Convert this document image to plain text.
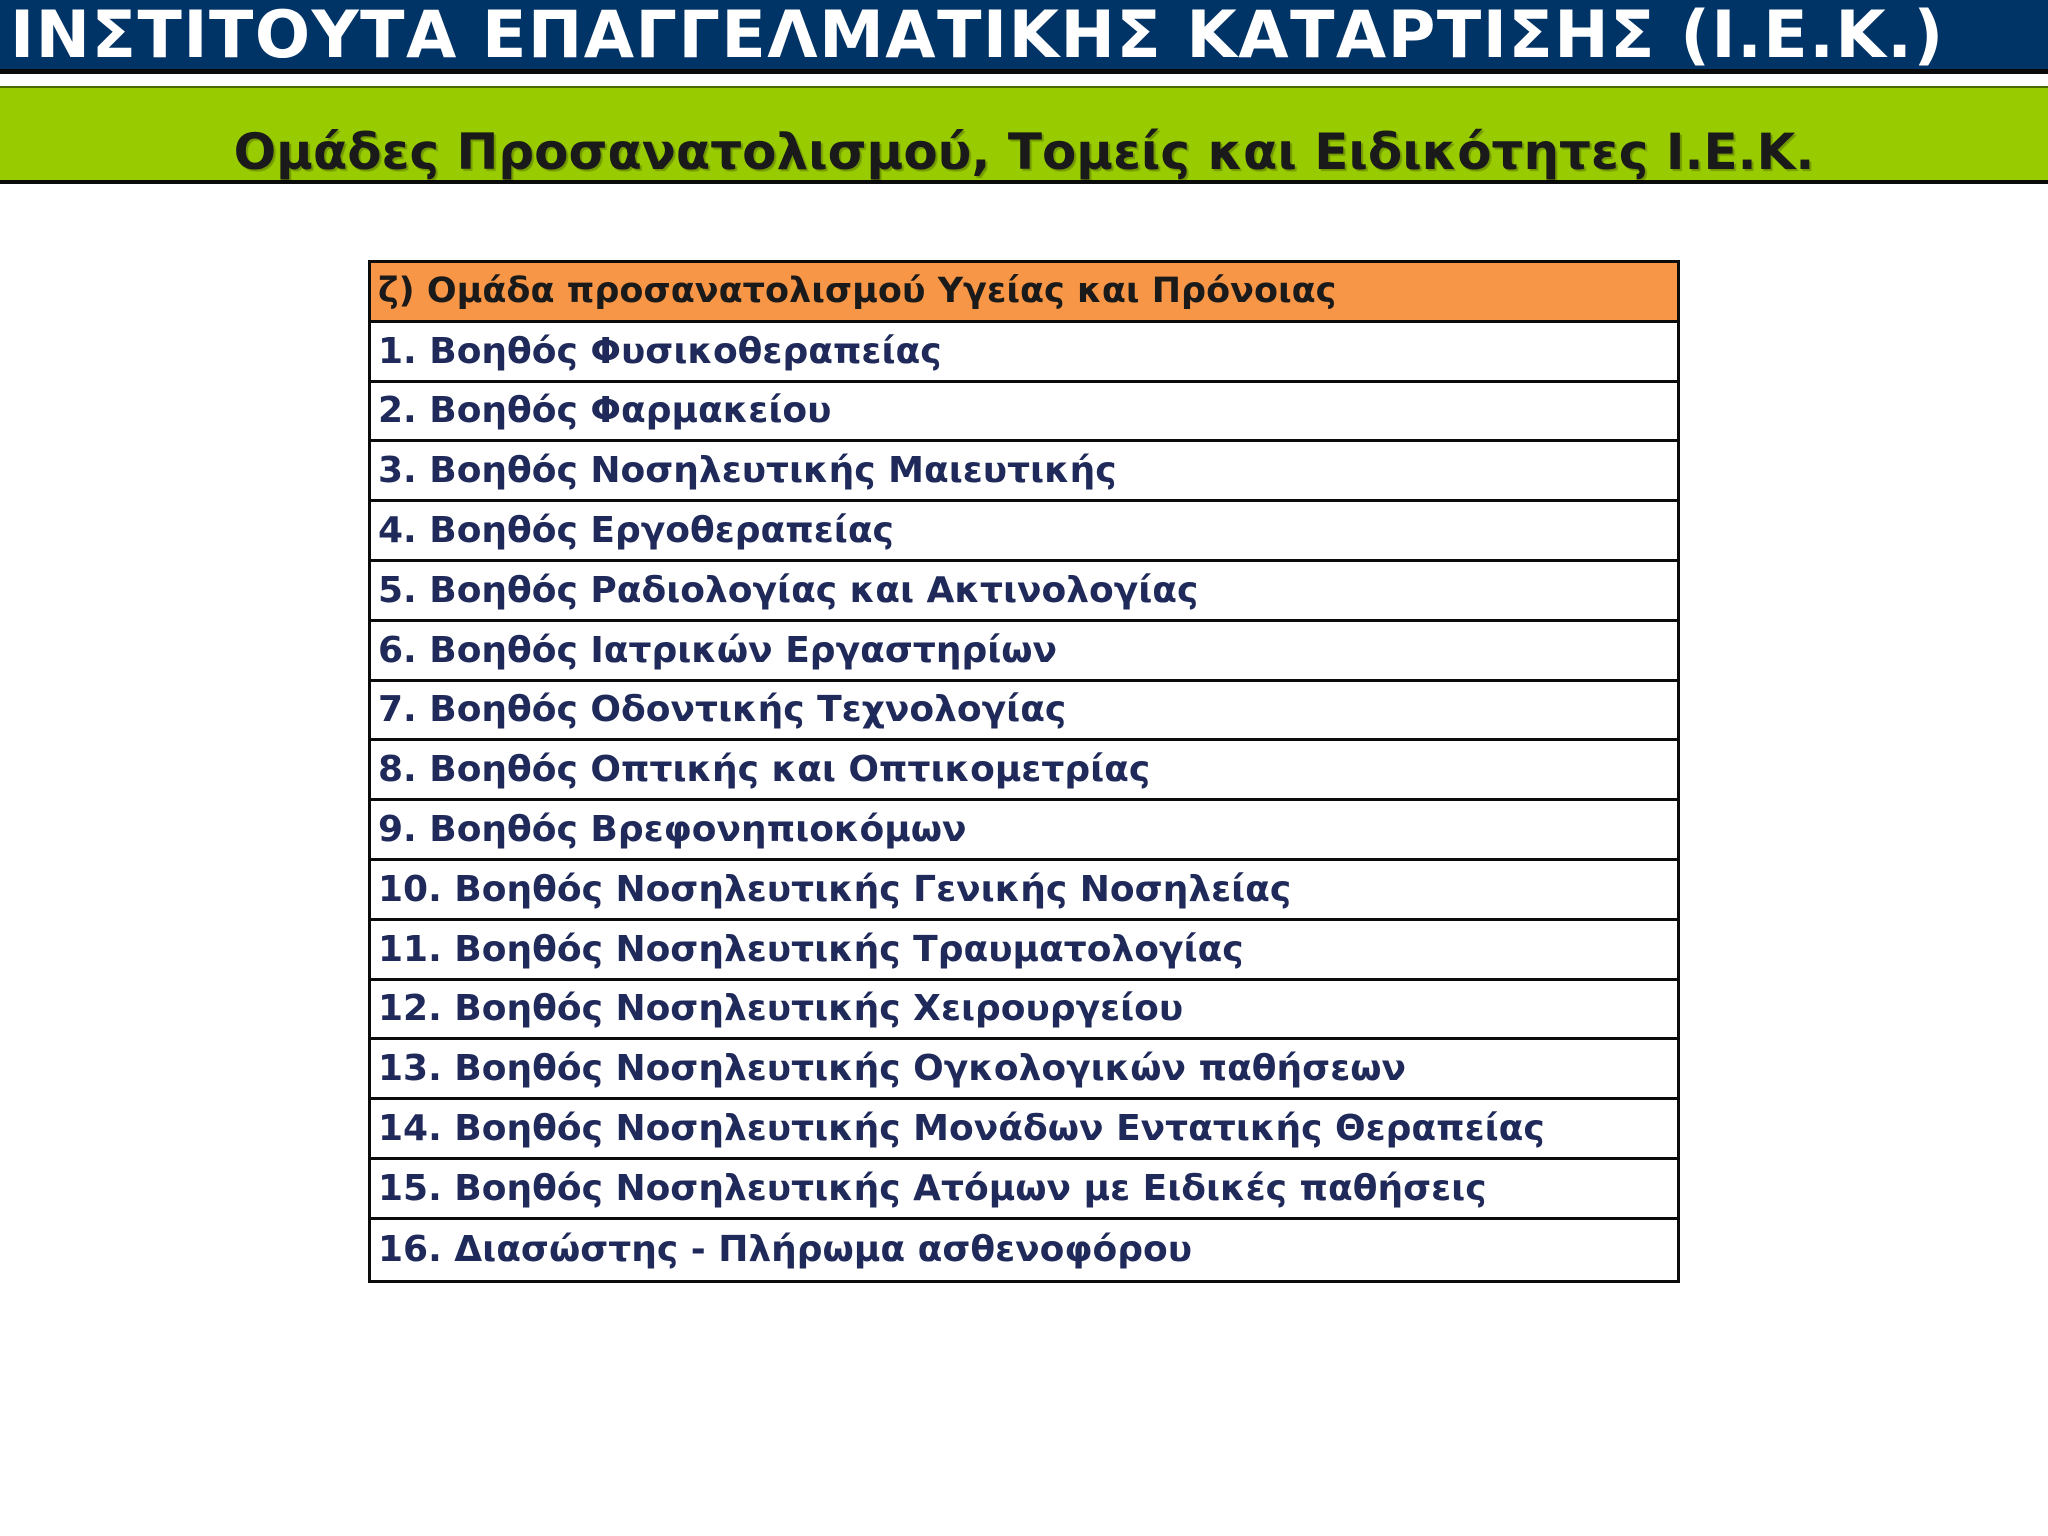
ΙΝΣΤΙΤΟΥΤΑ ΕΠΑΓΓΕΛΜΑΤΙΚΗΣ ΚΑΤΑΡΤΙΣΗΣ (Ι.Ε.Κ.)
Ομάδες Προσανατολισμού, Τομείς και Ειδικότητες Ι.Ε.Κ.
ζ) Ομάδα προσανατολισμού Υγείας και Πρόνοιας
1. Βοηθός Φυσικοθεραπείας
2. Βοηθός Φαρμακείου
3. Βοηθός Νοσηλευτικής Μαιευτικής
4. Βοηθός Εργοθεραπείας
5. Βοηθός Ραδιολογίας και Ακτινολογίας
6. Βοηθός Ιατρικών Εργαστηρίων
7. Βοηθός Οδοντικής Τεχνολογίας
8. Βοηθός Οπτικής και Οπτικομετρίας
9. Βοηθός Βρεφονηπιοκόμων
10. Βοηθός Νοσηλευτικής Γενικής Νοσηλείας
11. Βοηθός Νοσηλευτικής Τραυματολογίας
12. Βοηθός Νοσηλευτικής Χειρουργείου
13. Βοηθός Νοσηλευτικής Ογκολογικών παθήσεων
14. Βοηθός Νοσηλευτικής Μονάδων Εντατικής Θεραπείας
15. Βοηθός Νοσηλευτικής Ατόμων με Ειδικές παθήσεις
16. Διασώστης - Πλήρωμα ασθενοφόρου
